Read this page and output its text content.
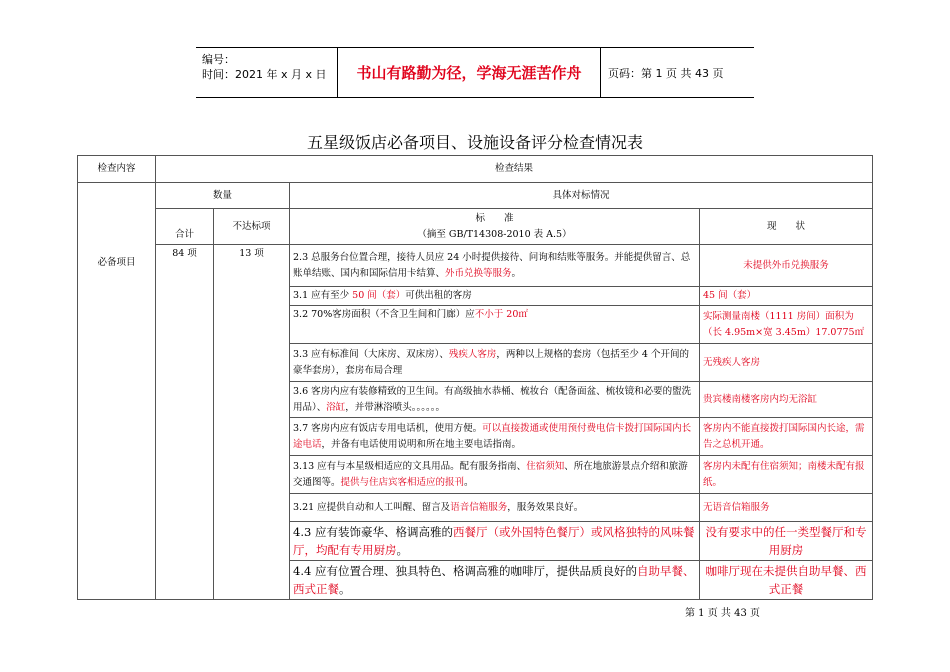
编号：
时间：2021 年 x 月 x 日	书山有路勤为径，学海无涯苦作舟	页码：第 1 页 共 43 页
五星级饭店必备项目、设施设备评分检查情况表
检查内容	检查结果			
必备项目	数量		具体对标情况	
	合计	不达标项	标　　准
（摘至 GB/T14308-2010 表 A.5）	现　　状
	84 项	13 项	2.3 总服务台位置合理，接待人员应 24 小时提供接待、问询和结账等服务。并能提供留言、总账单结账、国内和国际信用卡结算、外币兑换等服务。	未提供外币兑换服务
			3.1 应有至少 50 间（套）可供出租的客房	45 间（套）
			3.2 70%客房面积（不含卫生间和门廊）应不小于 20㎡	实际测量南楼（1111 房间）面积为（长 4.95m×宽 3.45m）17.0775㎡
			3.3 应有标准间（大床房、双床房）、残疾人客房，两种以上规格的套房（包括至少 4 个开间的豪华套房），套房布局合理	无残疾人客房
			3.6 客房内应有装修精致的卫生间。有高级抽水恭桶、梳妆台（配备面盆、梳妆镜和必要的盥洗用品）、浴缸，并带淋浴喷头。。。。。。	贵宾楼南楼客房内均无浴缸
			3.7 客房内应有饭店专用电话机，使用方便。可以直接拨通或使用预付费电信卡拨打国际国内长途电话，并备有电话使用说明和所在地主要电话指南。	客房内不能直接拨打国际国内长途，需告之总机开通。
			3.13 应有与本星级相适应的文具用品。配有服务指南、住宿须知、所在地旅游景点介绍和旅游交通图等。提供与住店宾客相适应的报刊。	客房内未配有住宿须知；南楼未配有报纸。
			3.21 应提供自动和人工叫醒、留言及语音信箱服务，服务效果良好。	无语音信箱服务
			4.3 应有装饰豪华、格调高雅的西餐厅（或外国特色餐厅）或风格独特的风味餐厅，均配有专用厨房。	没有要求中的任一类型餐厅和专用厨房
			4.4 应有位置合理、独具特色、格调高雅的咖啡厅，提供品质良好的自助早餐、西式正餐。	咖啡厅现在未提供自助早餐、西式正餐
第 1 页 共 43 页
